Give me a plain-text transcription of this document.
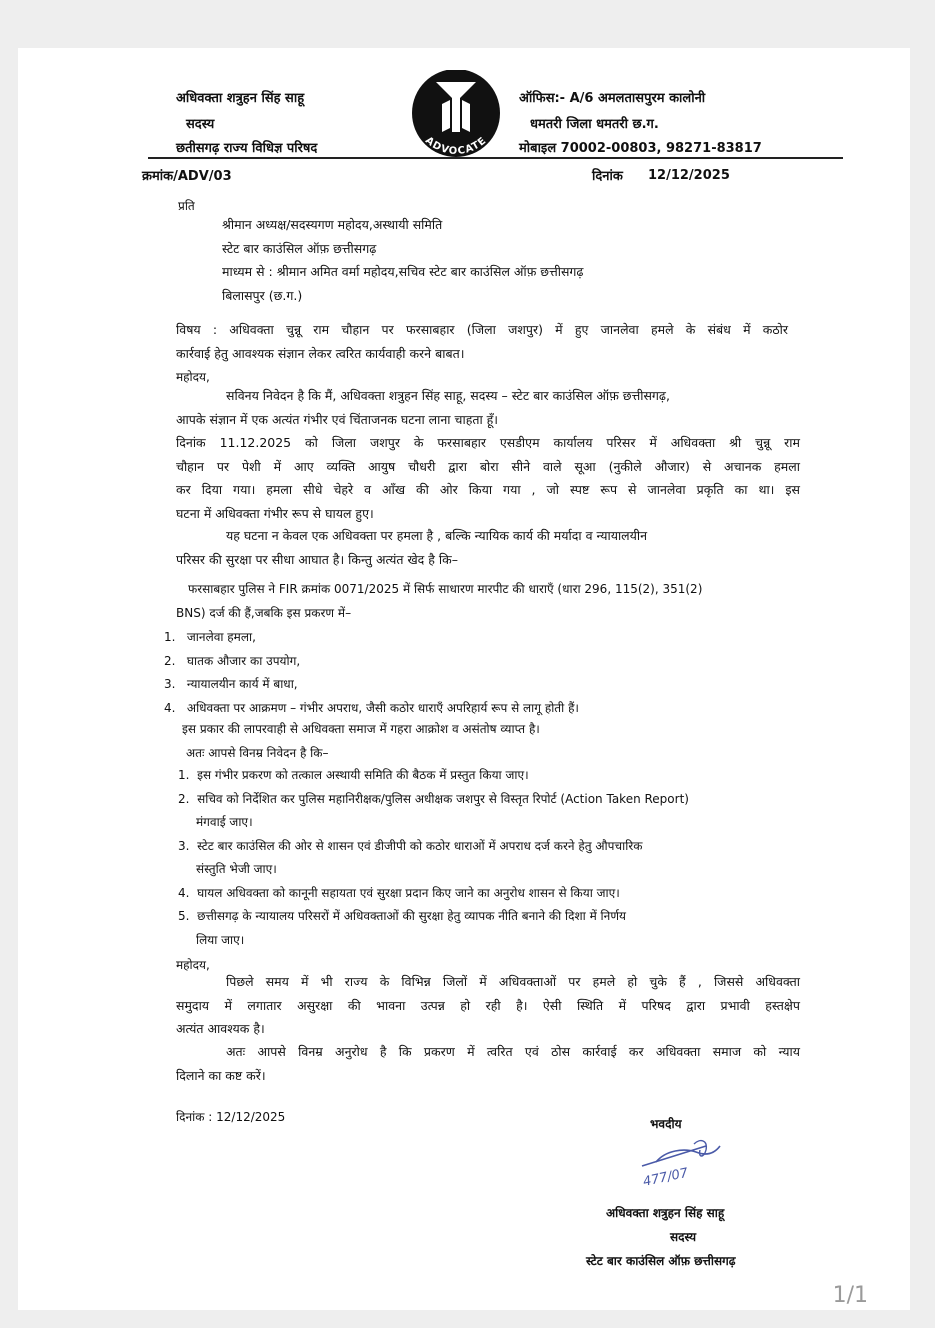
अधिवक्ता शत्रुहन सिंह साहू
सदस्य
छतीसगढ़ राज्य विधिज्ञ परिषद	ADVOCATE
ऑफिस:- A/6 अमलतासपुरम कालोनी
धमतरी जिला धमतरी छ.ग.
मोबाइल 70002-00803, 98271-83817
क्रमांक/ADV/03	दिनांक 12/12/2025
प्रति
श्रीमान अध्यक्ष/सदस्यगण महोदय,अस्थायी समिति
स्टेट बार काउंसिल ऑफ़ छत्तीसगढ़
माध्यम से : श्रीमान अमित वर्मा महोदय,सचिव स्टेट बार काउंसिल ऑफ़ छत्तीसगढ़
बिलासपुर (छ.ग.)
विषय : अधिवक्ता चुन्नू राम चौहान पर फरसाबहार (जिला जशपुर) में हुए जानलेवा हमले के संबंध में कठोर
कार्रवाई हेतु आवश्यक संज्ञान लेकर त्वरित कार्यवाही करने बाबत।
महोदय,
सविनय निवेदन है कि मैं, अधिवक्ता शत्रुहन सिंह साहू, सदस्य – स्टेट बार काउंसिल ऑफ़ छत्तीसगढ़,
आपके संज्ञान में एक अत्यंत गंभीर एवं चिंताजनक घटना लाना चाहता हूँ।
दिनांक 11.12.2025 को जिला जशपुर के फरसाबहार एसडीएम कार्यालय परिसर में अधिवक्ता श्री चुन्नू राम
चौहान पर पेशी में आए व्यक्ति आयुष चौधरी द्वारा बोरा सीने वाले सूआ (नुकीले औजार) से अचानक हमला
कर दिया गया। हमला सीधे चेहरे व आँख की ओर किया गया , जो स्पष्ट रूप से जानलेवा प्रकृति का था। इस
घटना में अधिवक्ता गंभीर रूप से घायल हुए।
यह घटना न केवल एक अधिवक्ता पर हमला है , बल्कि न्यायिक कार्य की मर्यादा व न्यायालयीन
परिसर की सुरक्षा पर सीधा आघात है। किन्तु अत्यंत खेद है कि–
फरसाबहार पुलिस ने FIR क्रमांक 0071/2025 में सिर्फ साधारण मारपीट की धाराएँ (धारा 296, 115(2), 351(2)
BNS) दर्ज की हैं,जबकि इस प्रकरण में–
1.   जानलेवा हमला,
2.   घातक औजार का उपयोग,
3.   न्यायालयीन कार्य में बाधा,
4.   अधिवक्ता पर आक्रमण – गंभीर अपराध, जैसी कठोर धाराएँ अपरिहार्य रूप से लागू होती हैं।
इस प्रकार की लापरवाही से अधिवक्ता समाज में गहरा आक्रोश व असंतोष व्याप्त है।
अतः आपसे विनम्र निवेदन है कि–
1. इस गंभीर प्रकरण को तत्काल अस्थायी समिति की बैठक में प्रस्तुत किया जाए।
2. सचिव को निर्देशित कर पुलिस महानिरीक्षक/पुलिस अधीक्षक जशपुर से विस्तृत रिपोर्ट (Action Taken Report)
मंगवाई जाए।
3. स्टेट बार काउंसिल की ओर से शासन एवं डीजीपी को कठोर धाराओं में अपराध दर्ज करने हेतु औपचारिक
संस्तुति भेजी जाए।
4. घायल अधिवक्ता को कानूनी सहायता एवं सुरक्षा प्रदान किए जाने का अनुरोध शासन से किया जाए।
5. छत्तीसगढ़ के न्यायालय परिसरों में अधिवक्ताओं की सुरक्षा हेतु व्यापक नीति बनाने की दिशा में निर्णय
लिया जाए।
महोदय,
पिछले समय में भी राज्य के विभिन्न जिलों में अधिवक्ताओं पर हमले हो चुके हैं , जिससे अधिवक्ता
समुदाय में लगातार असुरक्षा की भावना उत्पन्न हो रही है। ऐसी स्थिति में परिषद द्वारा प्रभावी हस्तक्षेप
अत्यंत आवश्यक है।
अतः आपसे विनम्र अनुरोध है कि प्रकरण में त्वरित एवं ठोस कार्रवाई कर अधिवक्ता समाज को न्याय
दिलाने का कष्ट करें।
दिनांक : 12/12/2025	भवदीय
477/07
अधिवक्ता शत्रुहन सिंह साहू
सदस्य
स्टेट बार काउंसिल ऑफ़ छत्तीसगढ़
1/1
